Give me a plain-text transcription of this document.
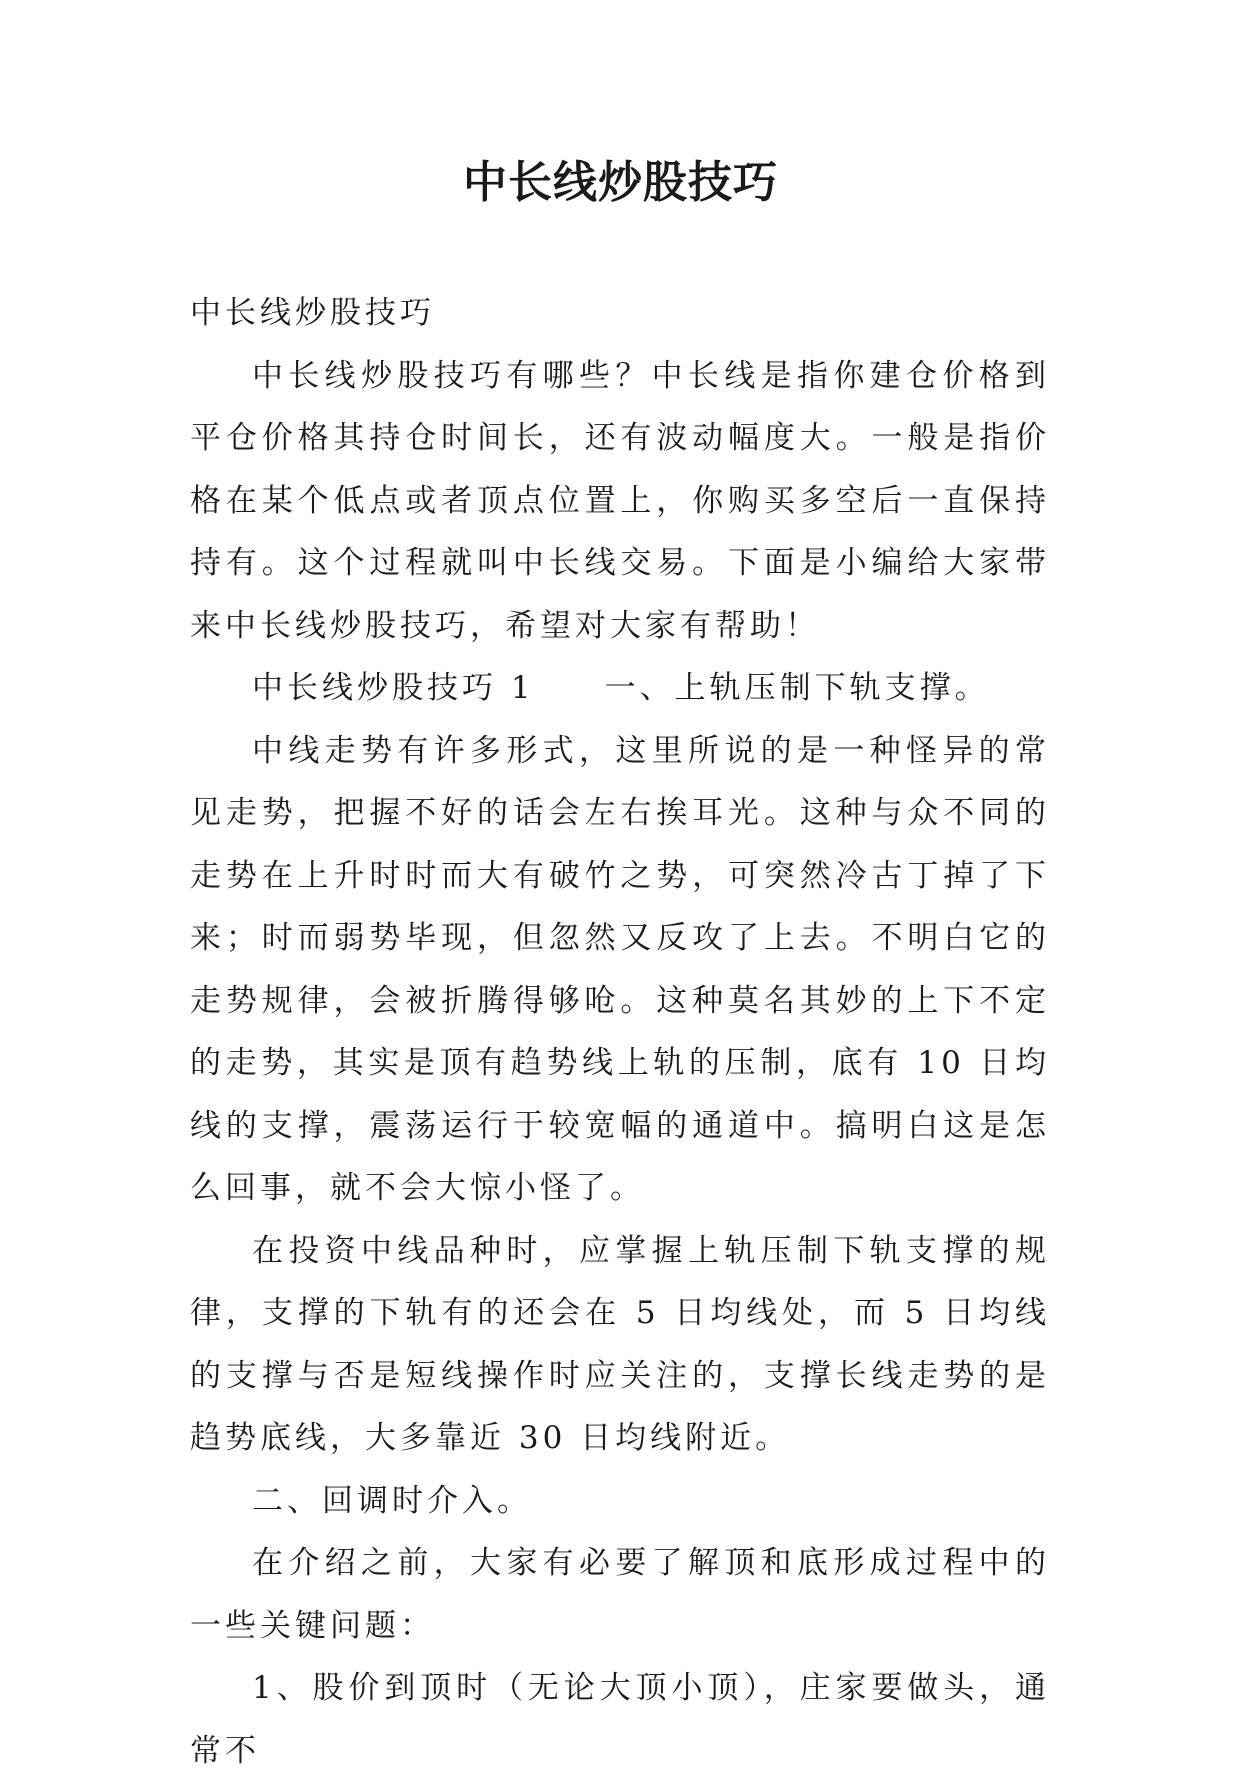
中长线炒股技巧

中长线炒股技巧

中长线炒股技巧有哪些？中长线是指你建仓价格到平仓价格其持仓时间长，还有波动幅度大。一般是指价格在某个低点或者顶点位置上，你购买多空后一直保持持有。这个过程就叫中长线交易。下面是小编给大家带来中长线炒股技巧，希望对大家有帮助！

中长线炒股技巧 1 一、上轨压制下轨支撑。

中线走势有许多形式，这里所说的是一种怪异的常见走势，把握不好的话会左右挨耳光。这种与众不同的走势在上升时时而大有破竹之势，可突然冷古丁掉了下来；时而弱势毕现，但忽然又反攻了上去。不明白它的走势规律，会被折腾得够呛。这种莫名其妙的上下不定的走势，其实是顶有趋势线上轨的压制，底有 10 日均线的支撑，震荡运行于较宽幅的通道中。搞明白这是怎么回事，就不会大惊小怪了。

在投资中线品种时，应掌握上轨压制下轨支撑的规律，支撑的下轨有的还会在 5 日均线处，而 5 日均线的支撑与否是短线操作时应关注的，支撑长线走势的是趋势底线，大多靠近 30 日均线附近。

二、回调时介入。

在介绍之前，大家有必要了解顶和底形成过程中的一些关键问题：

1、股价到顶时（无论大顶小顶），庄家要做头，通常不
